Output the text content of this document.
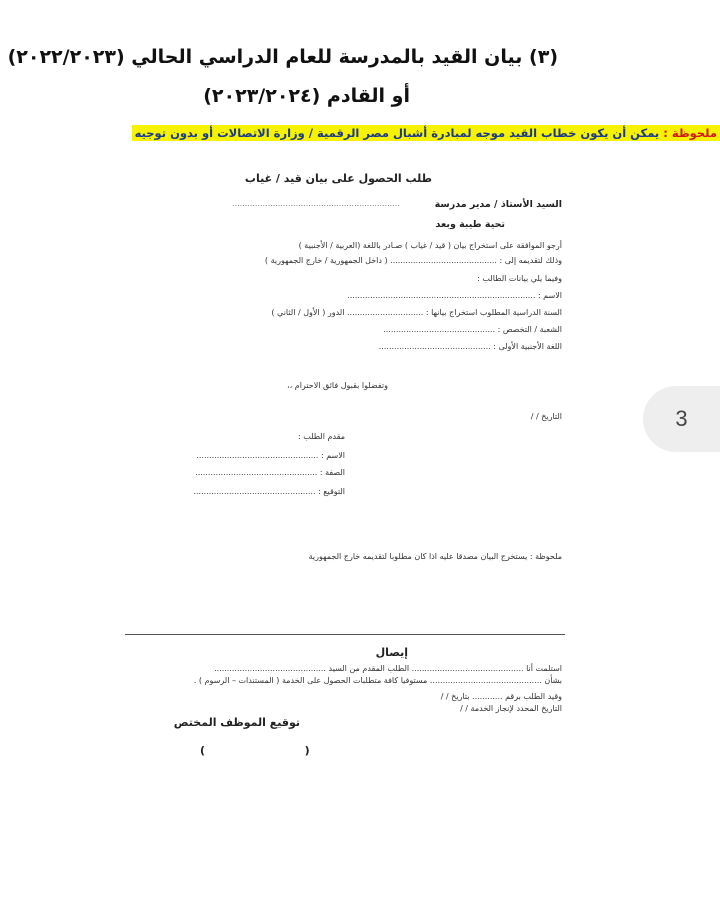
(٣) بيان القيد بالمدرسة للعام الدراسي الحالي (٢٠٢٢/٢٠٢٣)
أو القادم (٢٠٢٣/٢٠٢٤)
ملحوظة : يمكن أن يكون خطاب القيد موجه لمبادرة أشبال مصر الرقمية / وزارة الاتصالات أو بدون توجيه
طلب الحصول على بيان قيد / غياب
السيد الأستاذ / مدير مدرسة
..................................................................
تحية طيبة وبعد
أرجو الموافقة على استخراج بيان ( قيد / غياب ) صـادر باللغة (العربية / الأجنبية )
وذلك لتقديمه إلى : .......................................... ( داخل الجمهورية / خارج الجمهورية )
وفيما يلي بيانات الطالب :
الاسم : ..........................................................................
السنة الدراسية المطلوب استخراج بيانها : .............................. الدور ( الأول / الثاني )
الشعبة / التخصص : ............................................
اللغة الأجنبية الأولى : ............................................
وتفضلوا بقبول فائق الاحترام ،،
التاريخ / /
مقدم الطلب :
الاسم : ................................................
الصفة : ................................................
التوقيع : ................................................
ملحوظة : يستخرج البيان مصدقا عليه اذا كان مطلوبا لتقديمه خارج الجمهورية
إيصال
استلمت أنا ............................................ الطلب المقدم من السيد ............................................
بشأن ............................................ مستوفيا كافة متطلبات الحصول على الخدمة ( المستندات – الرسوم ) .
وقيد الطلب برقم ............ بتاريخ / /
التاريخ المحدد لإنجاز الخدمة / /
توقيع الموظف المختص
(                          )
3
